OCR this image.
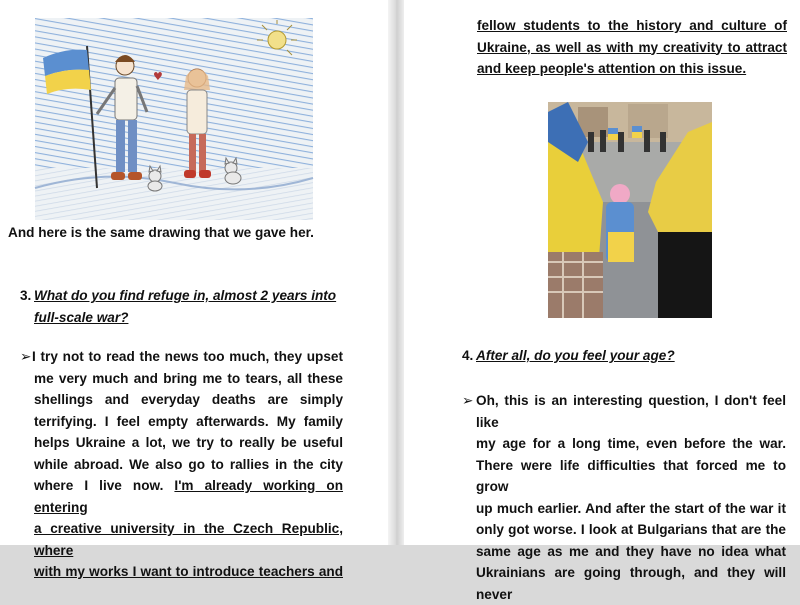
♥
And here is the same drawing that we gave her.
3. What do you find refuge in, almost 2 years into

full-scale war?

➢ I try not to read the news too much, they upset
me very much and bring me to tears, all these
shellings and everyday deaths are simply
terrifying. I feel empty afterwards. My family
helps Ukraine a lot, we try to really be useful
while abroad. We also go to rallies in the city
where I live now. I'm already working on entering
a creative university in the Czech Republic, where
with my works I want to introduce teachers and
fellow students to the history and culture of
Ukraine, as well as with my creativity to attract
and keep people's attention on this issue.
4. After all, do you feel your age?
➢ Oh, this is an interesting question, I don't feel like
my age for a long time, even before the war.
There were life difficulties that forced me to grow
up much earlier. And after the start of the war it
only got worse. I look at Bulgarians that are the
same age as me and they have no idea what
Ukrainians are going through, and they will never
